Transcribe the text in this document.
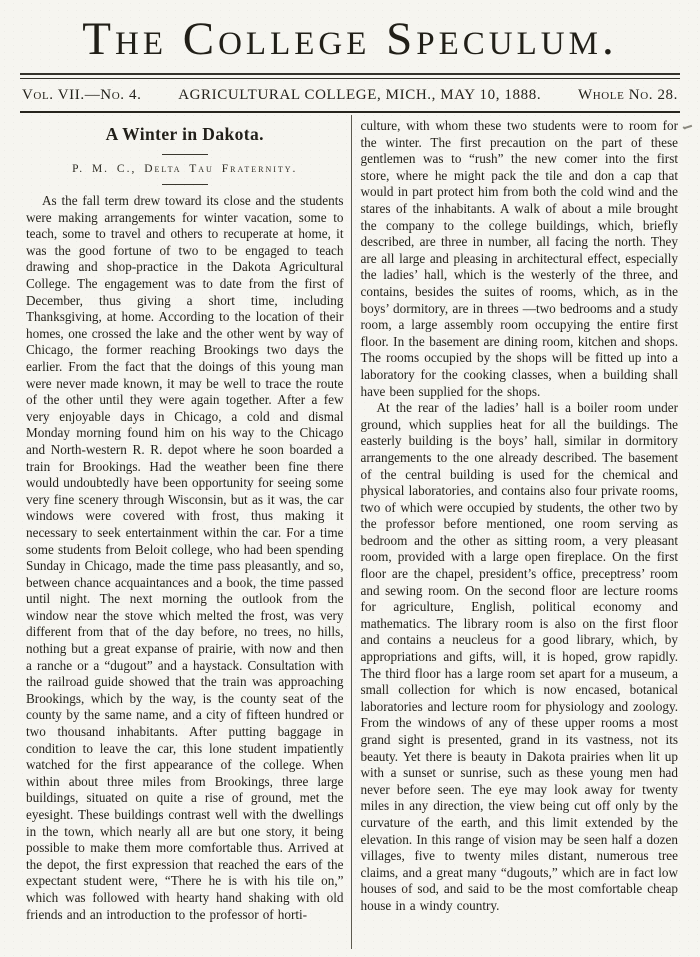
The College Speculum.
Vol. VII.—No. 4. AGRICULTURAL COLLEGE, MICH., MAY 10, 1888. Whole No. 28.
A Winter in Dakota.
P. M. C., Delta Tau Fraternity.

As the fall term drew toward its close and the students were making arrangements for winter vacation, some to teach, some to travel and others to recuperate at home, it was the good fortune of two to be engaged to teach drawing and shop-practice in the Dakota Agricultural College. The engagement was to date from the first of December, thus giving a short time, including Thanksgiving, at home. According to the location of their homes, one crossed the lake and the other went by way of Chicago, the former reaching Brookings two days the earlier. From the fact that the doings of this young man were never made known, it may be well to trace the route of the other until they were again together. After a few very enjoyable days in Chicago, a cold and dismal Monday morning found him on his way to the Chicago and North-western R. R. depot where he soon boarded a train for Brookings. Had the weather been fine there would undoubtedly have been opportunity for seeing some very fine scenery through Wisconsin, but as it was, the car windows were covered with frost, thus making it necessary to seek entertainment within the car. For a time some students from Beloit college, who had been spending Sunday in Chicago, made the time pass pleasantly, and so, between chance acquaintances and a book, the time passed until night. The next morning the outlook from the window near the stove which melted the frost, was very different from that of the day before, no trees, no hills, nothing but a great expanse of prairie, with now and then a ranche or a “dugout” and a haystack. Consultation with the railroad guide showed that the train was approaching Brookings, which by the way, is the county seat of the county by the same name, and a city of fifteen hundred or two thousand inhabitants. After putting baggage in condition to leave the car, this lone student impatiently watched for the first appearance of the college. When within about three miles from Brookings, three large buildings, situated on quite a rise of ground, met the eyesight. These buildings contrast well with the dwellings in the town, which nearly all are but one story, it being possible to make them more comfortable thus. Arrived at the depot, the first expression that reached the ears of the expectant student were, “There he is with his tile on,” which was followed with hearty hand shaking with old friends and an introduction to the professor of horti-

culture, with whom these two students were to room for the winter. The first precaution on the part of these gentlemen was to “rush” the new comer into the first store, where he might pack the tile and don a cap that would in part protect him from both the cold wind and the stares of the inhabitants. A walk of about a mile brought the company to the college buildings, which, briefly described, are three in number, all facing the north. They are all large and pleasing in architectural effect, especially the ladies’ hall, which is the westerly of the three, and contains, besides the suites of rooms, which, as in the boys’ dormitory, are in threes —two bedrooms and a study room, a large assembly room occupying the entire first floor. In the basement are dining room, kitchen and shops. The rooms occupied by the shops will be fitted up into a laboratory for the cooking classes, when a building shall have been supplied for the shops.

At the rear of the ladies’ hall is a boiler room under ground, which supplies heat for all the buildings. The easterly building is the boys’ hall, similar in dormitory arrangements to the one already described. The basement of the central building is used for the chemical and physical laboratories, and contains also four private rooms, two of which were occupied by students, the other two by the professor before mentioned, one room serving as bedroom and the other as sitting room, a very pleasant room, provided with a large open fireplace. On the first floor are the chapel, president’s office, preceptress’ room and sewing room. On the second floor are lecture rooms for agriculture, English, political economy and mathematics. The library room is also on the first floor and contains a neucleus for a good library, which, by appropriations and gifts, will, it is hoped, grow rapidly. The third floor has a large room set apart for a museum, a small collection for which is now encased, botanical laboratories and lecture room for physiology and zoology. From the windows of any of these upper rooms a most grand sight is presented, grand in its vastness, not its beauty. Yet there is beauty in Dakota prairies when lit up with a sunset or sunrise, such as these young men had never before seen. The eye may look away for twenty miles in any direction, the view being cut off only by the curvature of the earth, and this limit extended by the elevation. In this range of vision may be seen half a dozen villages, five to twenty miles distant, numerous tree claims, and a great many “dugouts,” which are in fact low houses of sod, and said to be the most comfortable cheap house in a windy country.
